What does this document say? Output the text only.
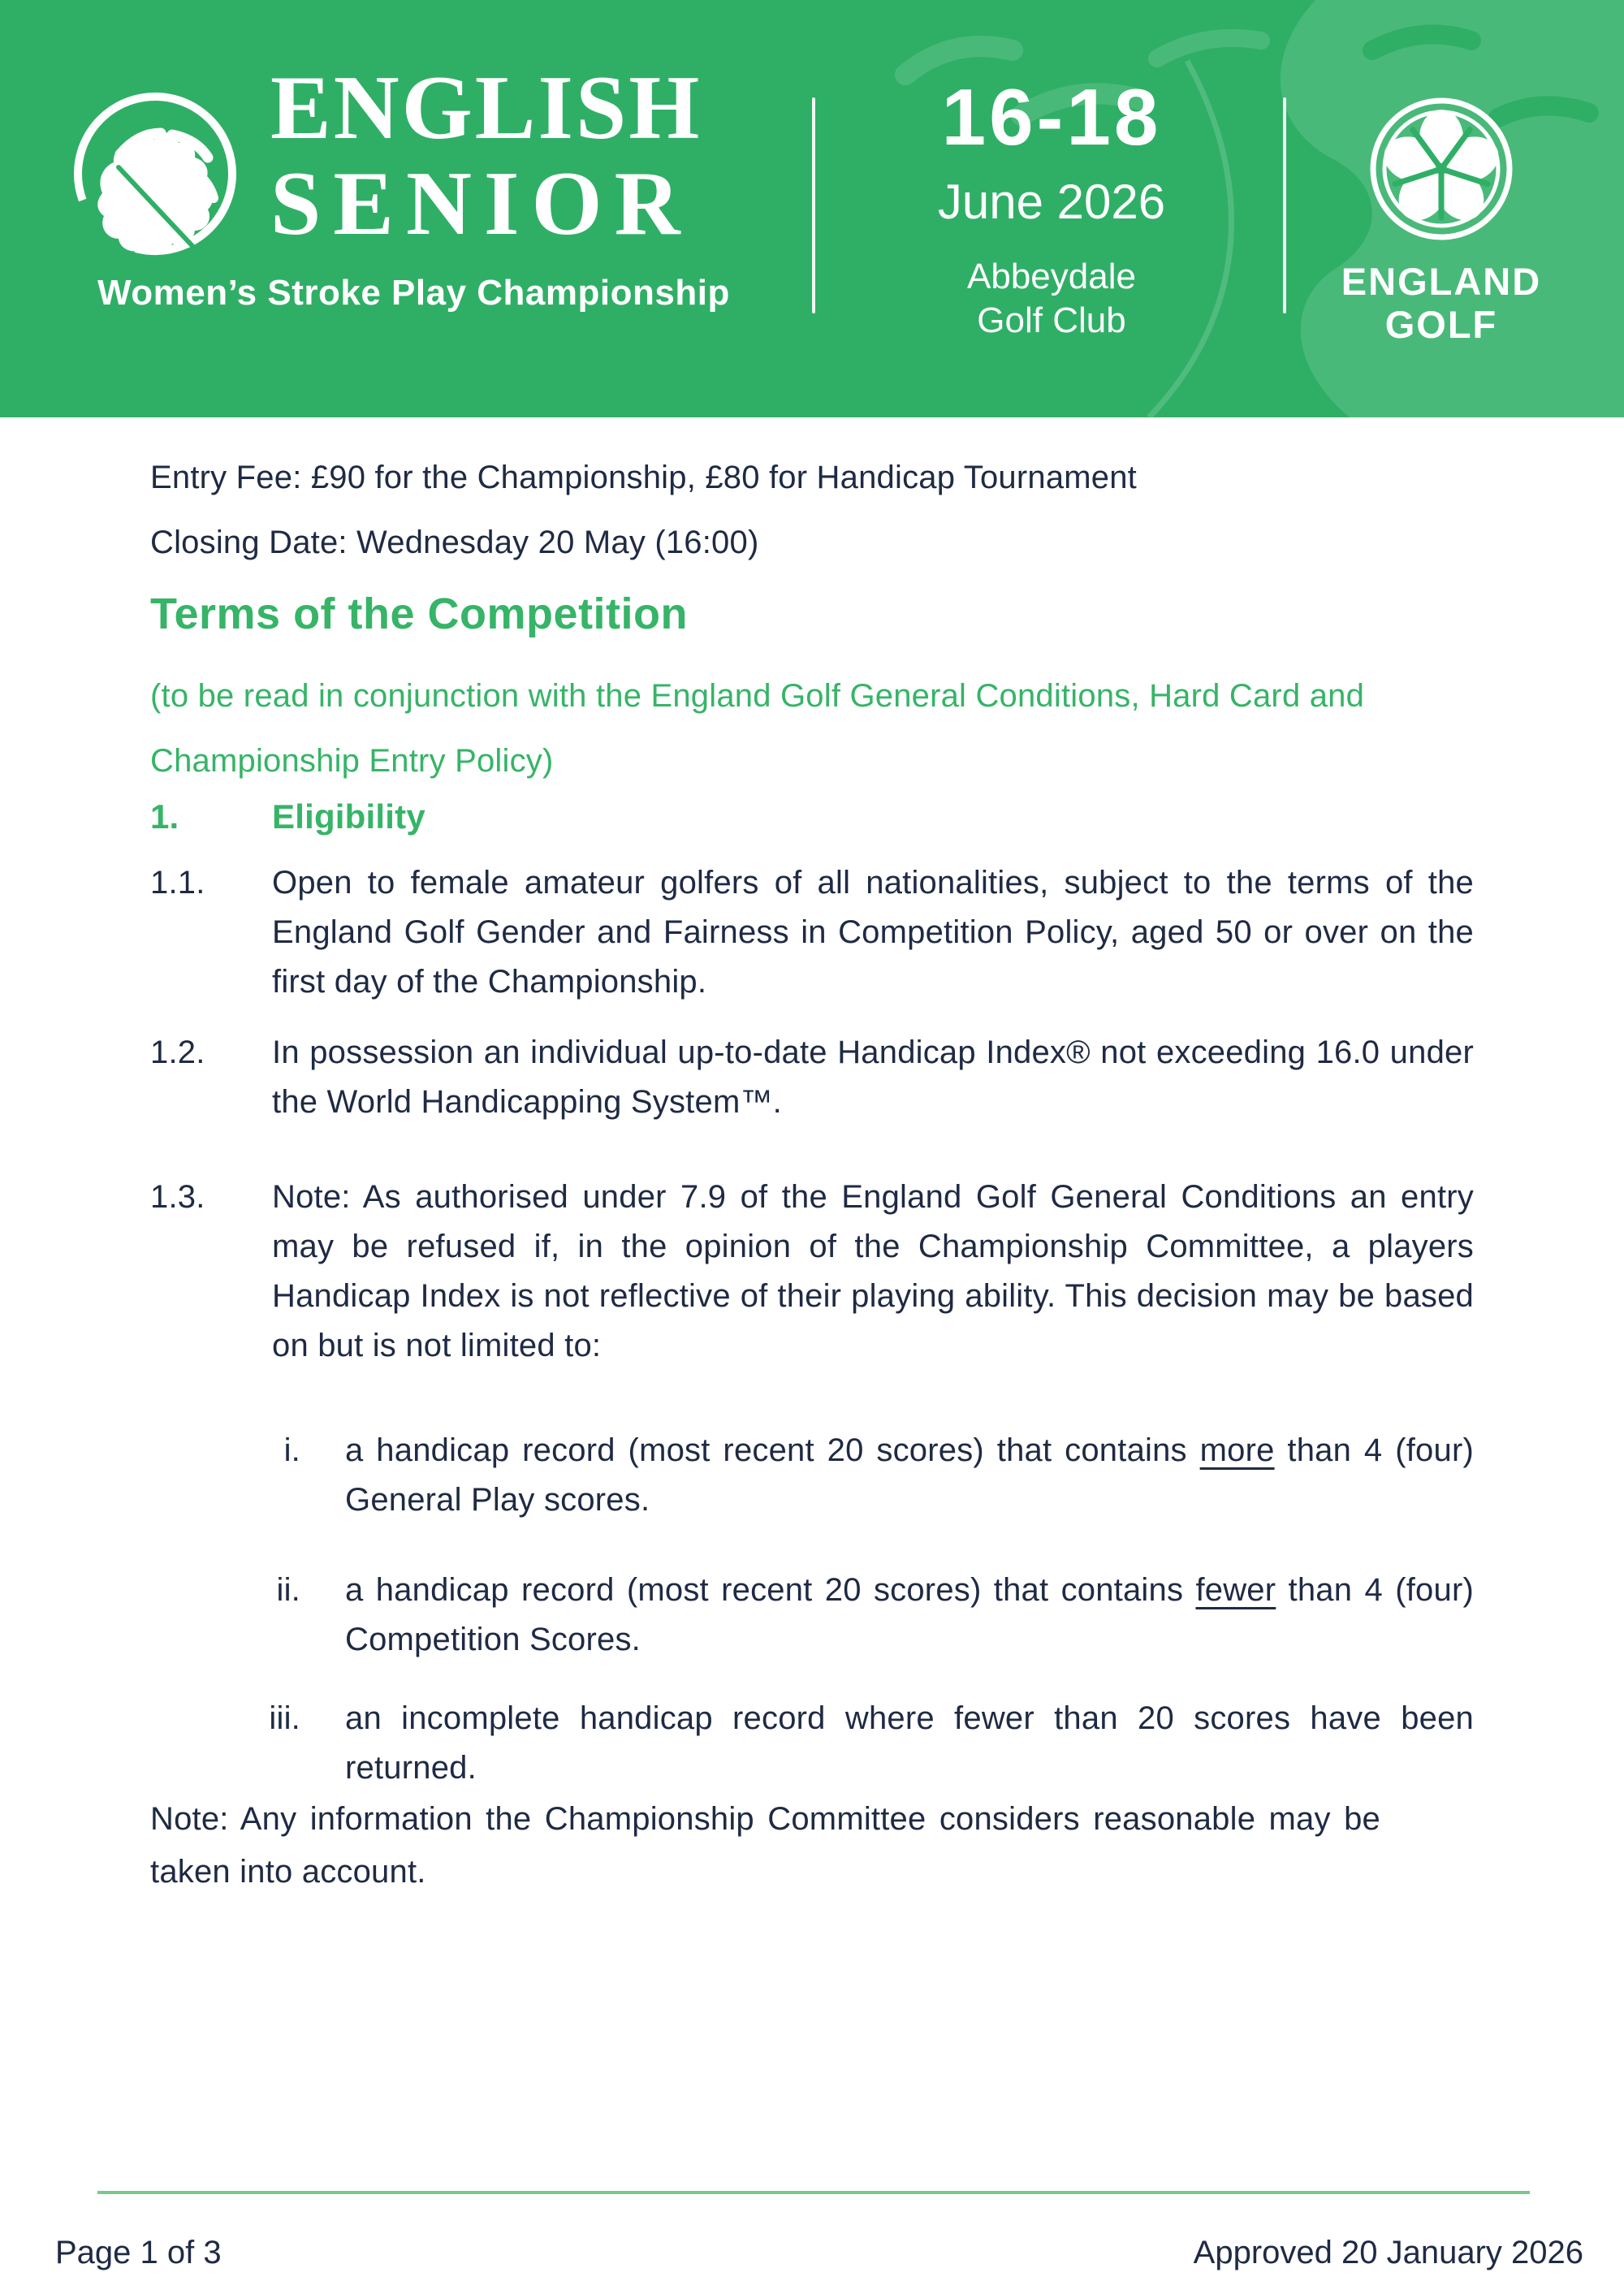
ENGLISH
SENIOR
Women’s Stroke Play Championship
16-18
June 2026
Abbeydale
Golf Club
ENGLAND
GOLF

Entry Fee: £90 for the Championship, £80 for Handicap Tournament

Closing Date: Wednesday 20 May (16:00)

Terms of the Competition

(to be read in conjunction with the England Golf General Conditions, Hard Card and Championship Entry Policy)

1.	Eligibility
1.1.	Open to female amateur golfers of all nationalities, subject to the terms of the England Golf Gender and Fairness in Competition Policy, aged 50 or over on the first day of the Championship.
1.2.	In possession an individual up-to-date Handicap Index® not exceeding 16.0 under the World Handicapping System™.
1.3.	Note: As authorised under 7.9 of the England Golf General Conditions an entry may be refused if, in the opinion of the Championship Committee, a players Handicap Index is not reflective of their playing ability. This decision may be based on but is not limited to:
i. a handicap record (most recent 20 scores) that contains more than 4 (four) General Play scores.
ii. a handicap record (most recent 20 scores) that contains fewer than 4 (four) Competition Scores.
iii. an incomplete handicap record where fewer than 20 scores have been returned.

Note: Any information the Championship Committee considers reasonable may be taken into account.

Page 1 of 3	Approved 20 January 2026
